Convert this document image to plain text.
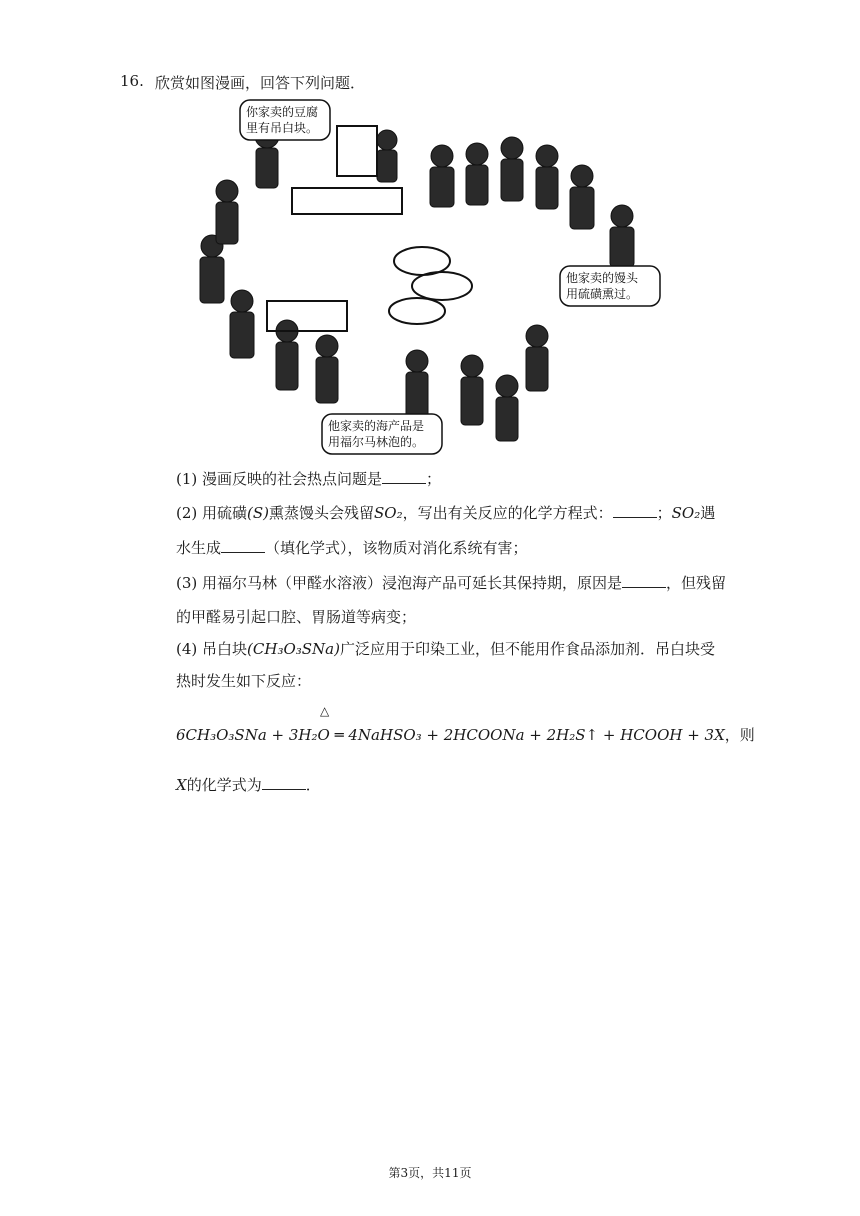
16. 欣赏如图漫画，回答下列问题．
你家卖的豆腐
里有吊白块。
他家卖的馒头
用硫磺熏过。
他家卖的海产品是
用福尔马林泡的。
(1) 漫画反映的社会热点问题是	；
(2) 用硫磺(S)熏蒸馒头会残留SO₂，写出有关反应的化学方程式：	；SO₂遇
水生成	（填化学式），该物质对消化系统有害；
(3) 用福尔马林（甲醛水溶液）浸泡海产品可延长其保持期，原因是	，但残留
的甲醛易引起口腔、胃肠道等病变；
(4) 吊白块(CH₃O₃SNa)广泛应用于印染工业，但不能用作食品添加剂．吊白块受
热时发生如下反应：
△
6CH₃O₃SNa + 3H₂O ═ 4NaHSO₃ + 2HCOONa + 2H₂S↑ + HCOOH + 3X，则
X的化学式为	．
第3页，共11页
